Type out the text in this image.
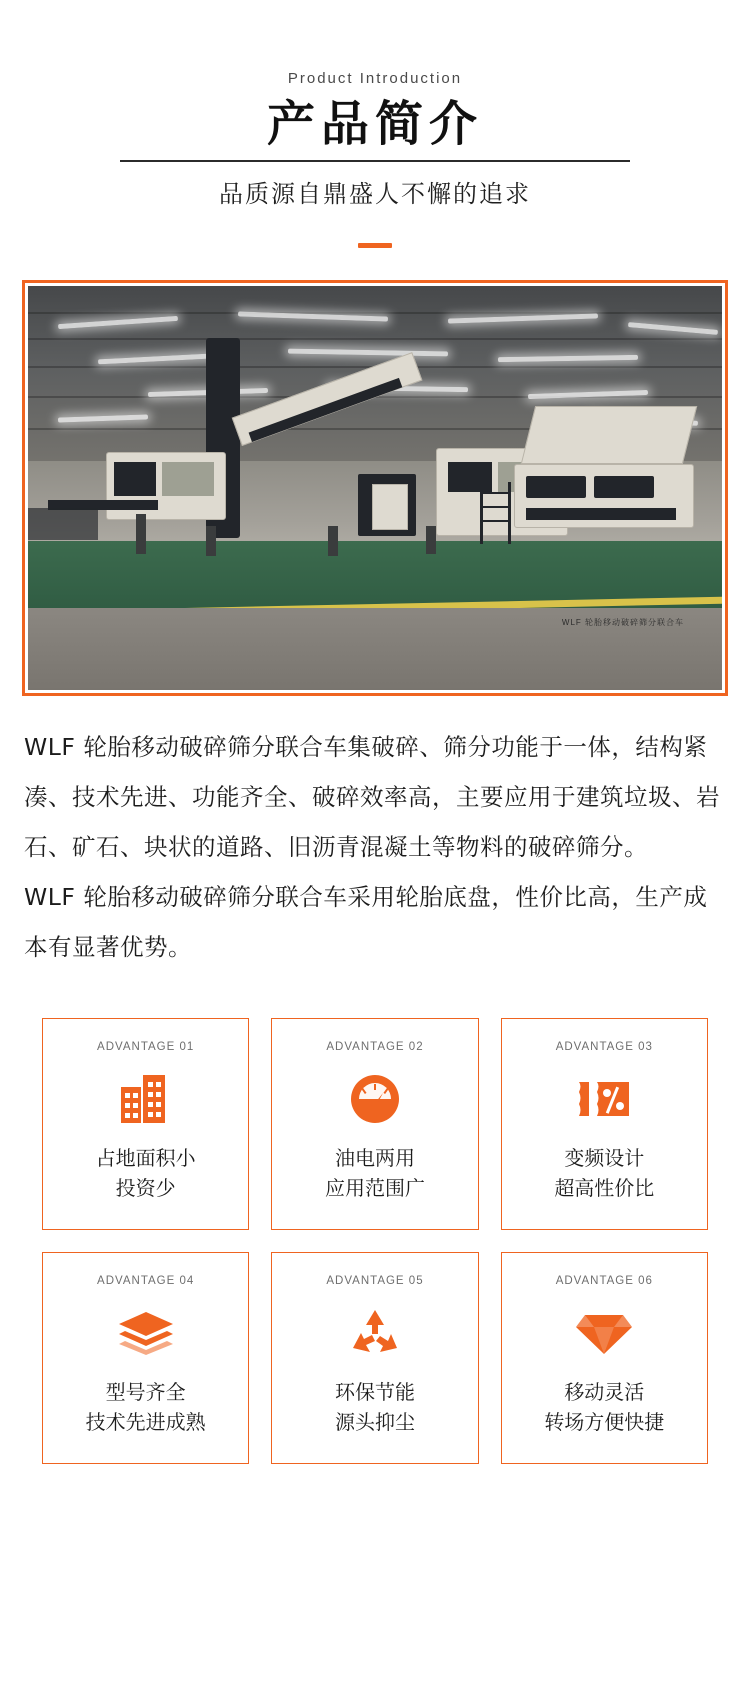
Product Introduction
产品简介
品质源自鼎盛人不懈的追求
WLF 轮胎移动破碎筛分联合车

WLF 轮胎移动破碎筛分联合车集破碎、筛分功能于一体，结构紧凑、技术先进、功能齐全、破碎效率高，主要应用于建筑垃圾、岩石、矿石、块状的道路、旧沥青混凝土等物料的破碎筛分。

WLF 轮胎移动破碎筛分联合车采用轮胎底盘，性价比高，生产成本有显著优势。

ADVANTAGE 01
占地面积小
投资少
ADVANTAGE 02
油电两用
应用范围广
ADVANTAGE 03
变频设计
超高性价比
ADVANTAGE 04
型号齐全
技术先进成熟
ADVANTAGE 05
环保节能
源头抑尘
ADVANTAGE 06
移动灵活
转场方便快捷
